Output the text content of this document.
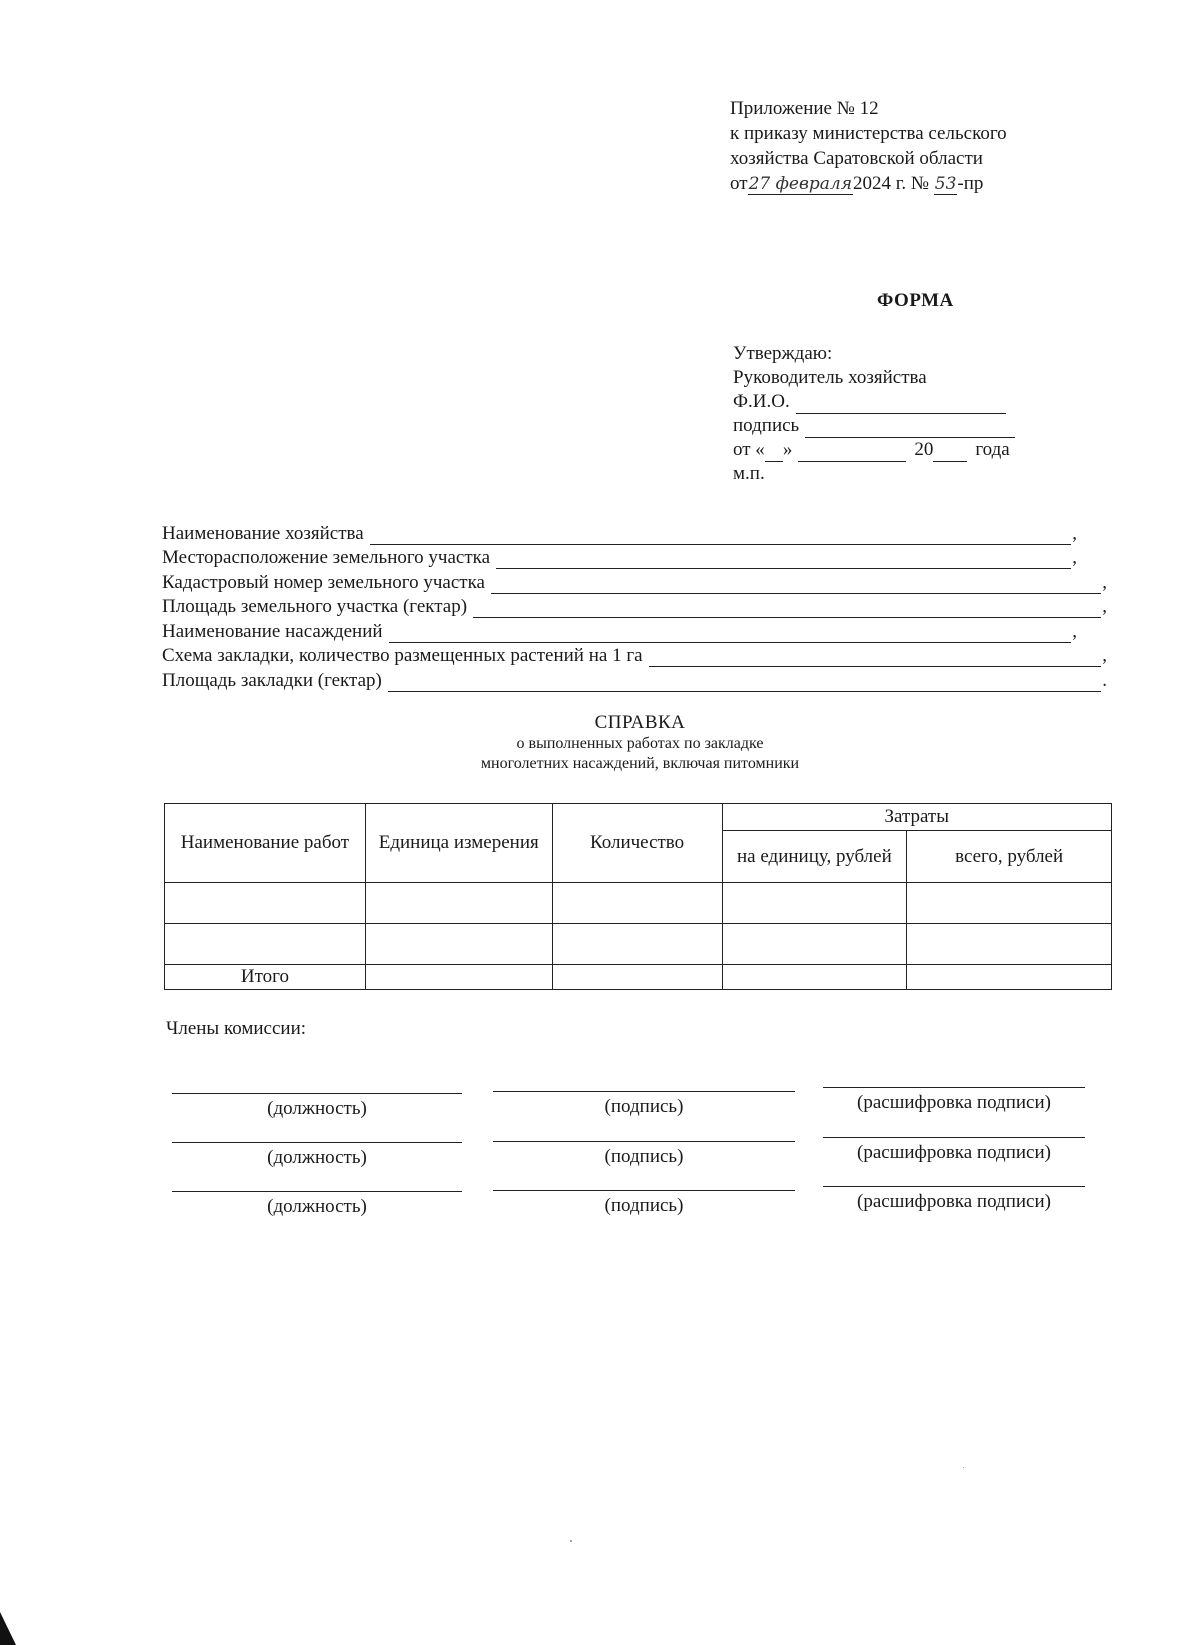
Приложение № 12
к приказу министерства сельского
хозяйства Саратовской области
от27 февраля2024 г. № 53-пр
ФОРМА
Утверждаю:
Руководитель хозяйства
Ф.И.О.
подпись
от « »	20 года
м.п.
Наименование хозяйства	,
Месторасположение земельного участка	,
Кадастровый номер земельного участка	,
Площадь земельного участка (гектар)	,
Наименование насаждений	,
Схема закладки, количество размещенных растений на 1 га	,
Площадь закладки (гектар)	.
СПРАВКА
о выполненных работах по закладке
многолетних насаждений, включая питомники
Наименование работ	Единица измерения	Количество	Затраты	
			на единицу, рублей	всего, рублей

Итого				
Члены комиссии:
(должность)	(подпись)	(расшифровка подписи)
(должность)	(подпись)	(расшифровка подписи)
(должность)	(подпись)	(расшифровка подписи)
